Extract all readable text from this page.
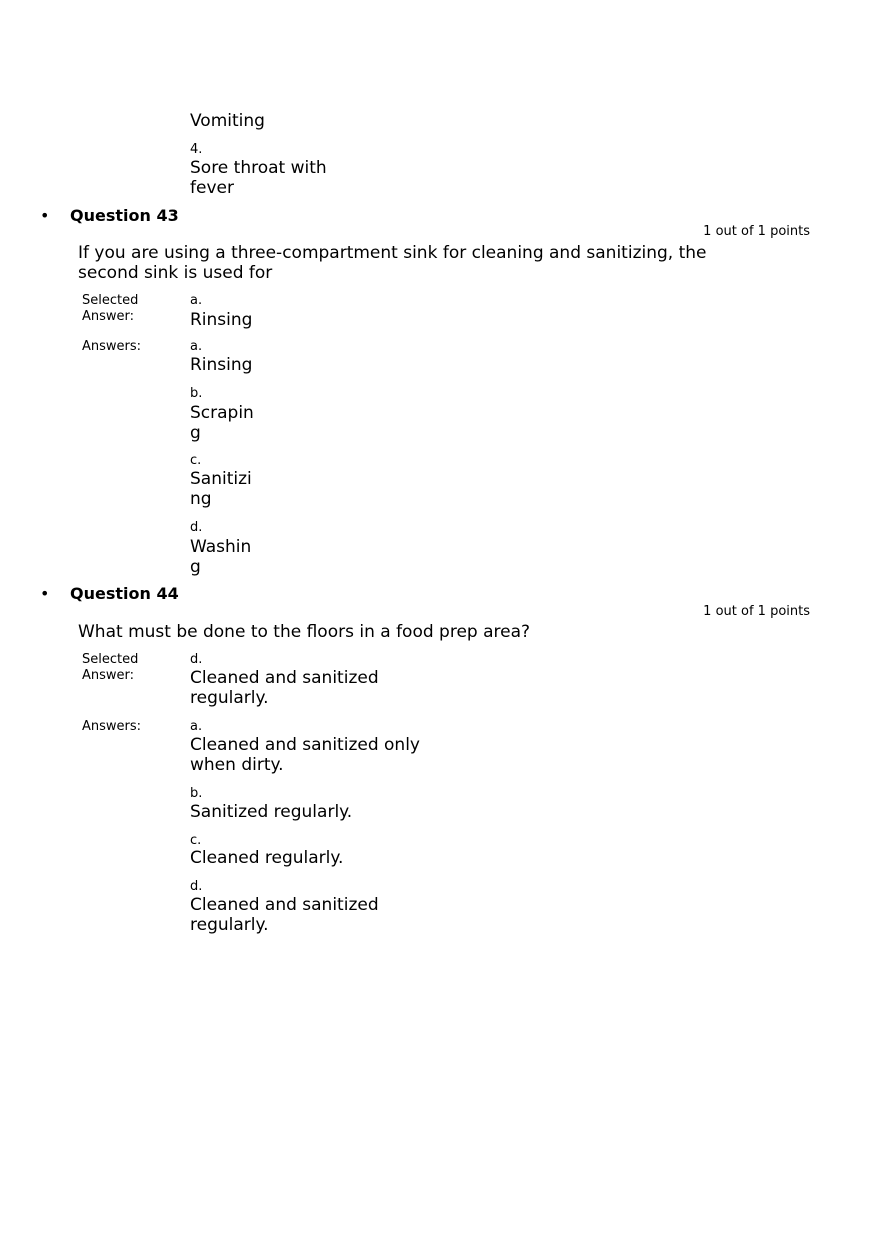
Vomiting
4.
Sore throat with
fever
• Question 43
1 out of 1 points
If you are using a three-compartment sink for cleaning and sanitizing, the
second sink is used for
Selected
Answer:
a.
Rinsing
Answers:	a.
Rinsing
b.
Scrapin
g
c.
Sanitizi
ng
d.
Washin
g
• Question 44
1 out of 1 points
What must be done to the floors in a food prep area?
Selected
Answer:
d.
Cleaned and sanitized
regularly.
Answers:	a.
Cleaned and sanitized only
when dirty.
b.
Sanitized regularly.
c.
Cleaned regularly.
d.
Cleaned and sanitized
regularly.
